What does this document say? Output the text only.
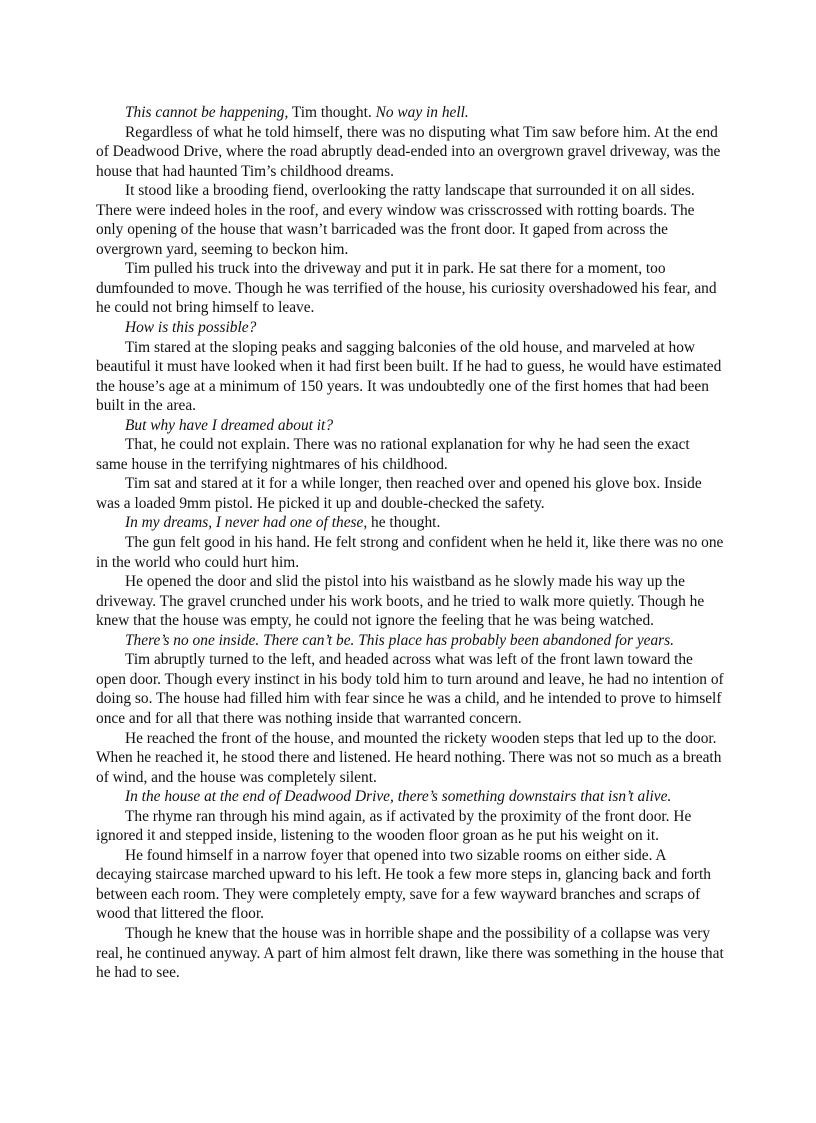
This cannot be happening, Tim thought. No way in hell.

Regardless of what he told himself, there was no disputing what Tim saw before him. At the end of Deadwood Drive, where the road abruptly dead-ended into an overgrown gravel driveway, was the house that had haunted Tim’s childhood dreams.

It stood like a brooding fiend, overlooking the ratty landscape that surrounded it on all sides. There were indeed holes in the roof, and every window was crisscrossed with rotting boards. The only opening of the house that wasn’t barricaded was the front door. It gaped from across the overgrown yard, seeming to beckon him.

Tim pulled his truck into the driveway and put it in park. He sat there for a moment, too dumfounded to move. Though he was terrified of the house, his curiosity overshadowed his fear, and he could not bring himself to leave.

How is this possible?

Tim stared at the sloping peaks and sagging balconies of the old house, and marveled at how beautiful it must have looked when it had first been built. If he had to guess, he would have estimated the house’s age at a minimum of 150 years. It was undoubtedly one of the first homes that had been built in the area.

But why have I dreamed about it?

That, he could not explain. There was no rational explanation for why he had seen the exact same house in the terrifying nightmares of his childhood.

Tim sat and stared at it for a while longer, then reached over and opened his glove box. Inside was a loaded 9mm pistol. He picked it up and double-checked the safety.

In my dreams, I never had one of these, he thought.

The gun felt good in his hand. He felt strong and confident when he held it, like there was no one in the world who could hurt him.

He opened the door and slid the pistol into his waistband as he slowly made his way up the driveway. The gravel crunched under his work boots, and he tried to walk more quietly. Though he knew that the house was empty, he could not ignore the feeling that he was being watched.

There’s no one inside. There can’t be. This place has probably been abandoned for years.

Tim abruptly turned to the left, and headed across what was left of the front lawn toward the open door. Though every instinct in his body told him to turn around and leave, he had no intention of doing so. The house had filled him with fear since he was a child, and he intended to prove to himself once and for all that there was nothing inside that warranted concern.

He reached the front of the house, and mounted the rickety wooden steps that led up to the door. When he reached it, he stood there and listened. He heard nothing. There was not so much as a breath of wind, and the house was completely silent.

In the house at the end of Deadwood Drive, there’s something downstairs that isn’t alive.

The rhyme ran through his mind again, as if activated by the proximity of the front door. He ignored it and stepped inside, listening to the wooden floor groan as he put his weight on it.

He found himself in a narrow foyer that opened into two sizable rooms on either side. A decaying staircase marched upward to his left. He took a few more steps in, glancing back and forth between each room. They were completely empty, save for a few wayward branches and scraps of wood that littered the floor.

Though he knew that the house was in horrible shape and the possibility of a collapse was very real, he continued anyway. A part of him almost felt drawn, like there was something in the house that he had to see.
